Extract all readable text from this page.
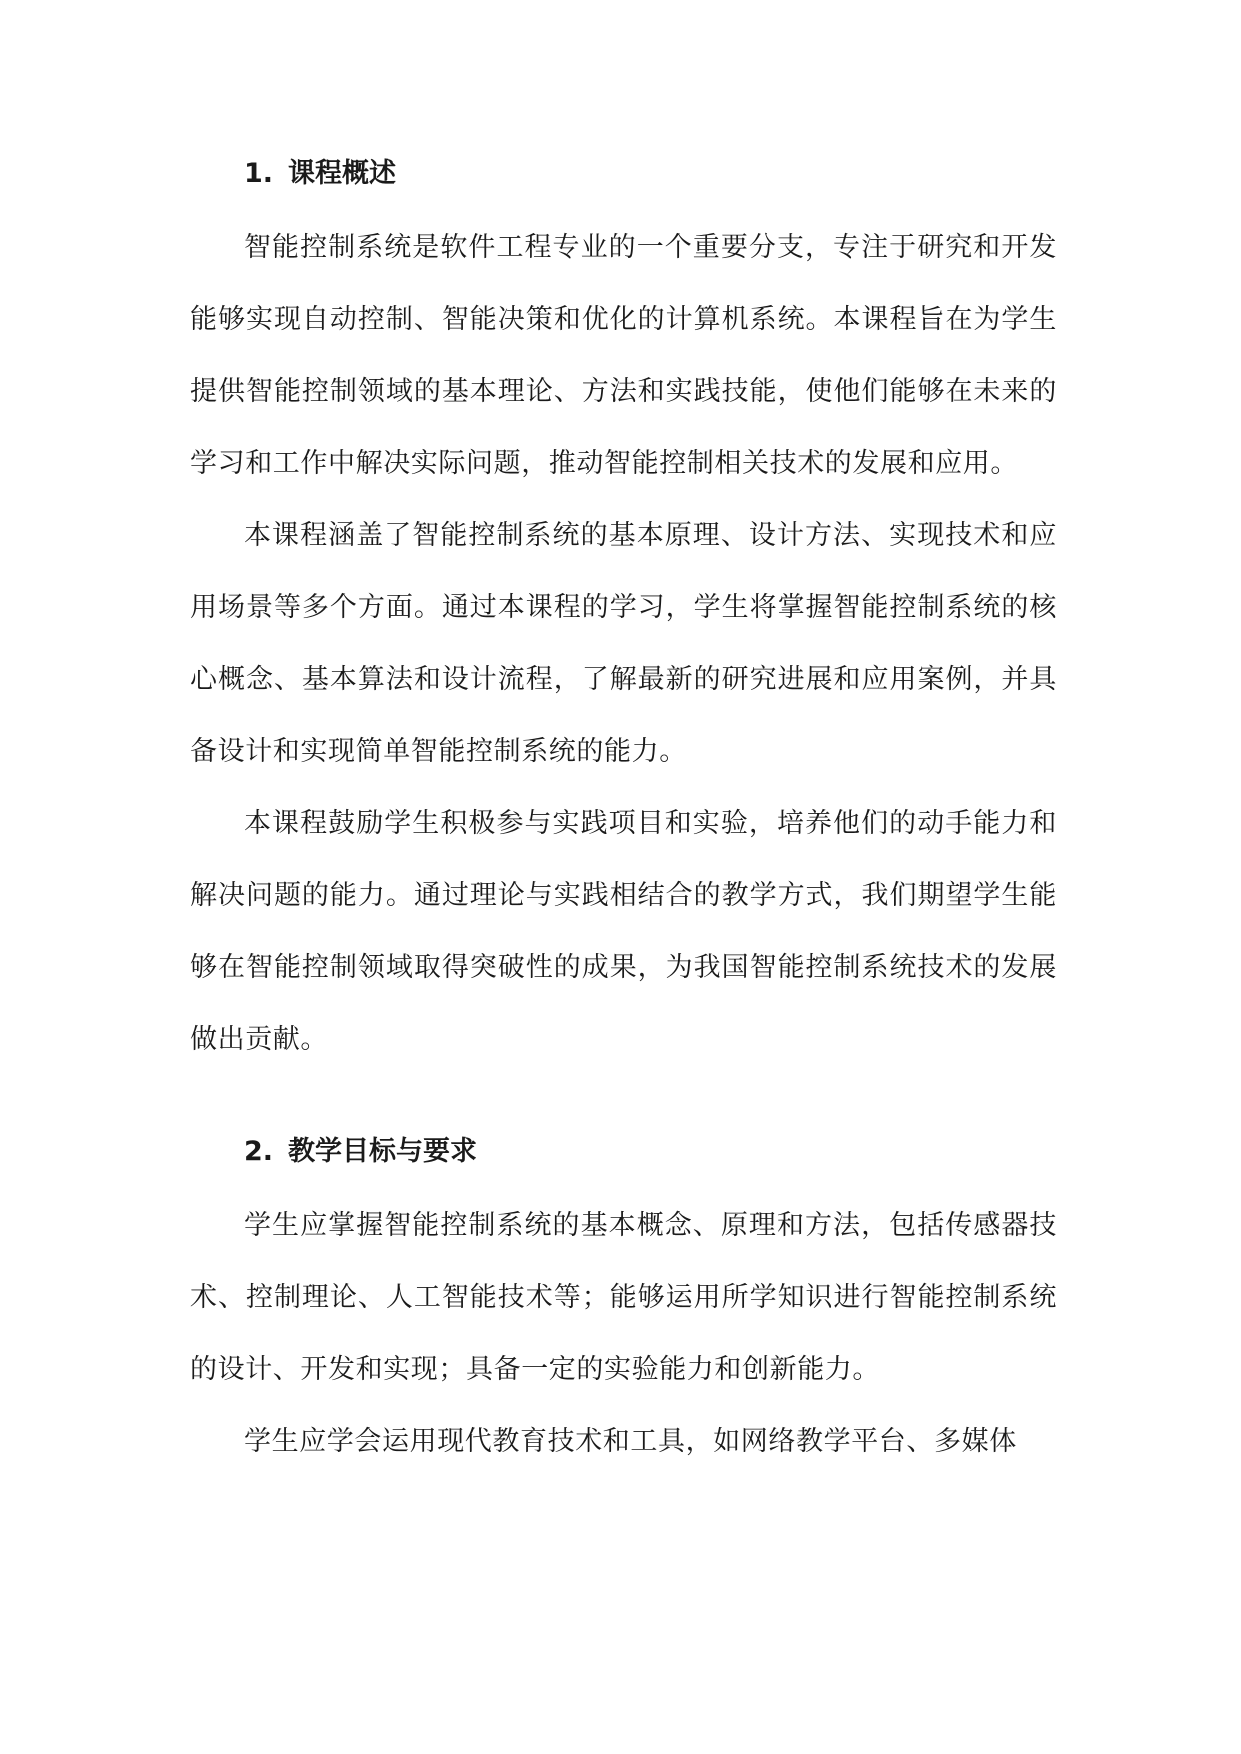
1. 课程概述

智能控制系统是软件工程专业的一个重要分支，专注于研究和开发能够实现自动控制、智能决策和优化的计算机系统。本课程旨在为学生提供智能控制领域的基本理论、方法和实践技能，使他们能够在未来的学习和工作中解决实际问题，推动智能控制相关技术的发展和应用。

本课程涵盖了智能控制系统的基本原理、设计方法、实现技术和应用场景等多个方面。通过本课程的学习，学生将掌握智能控制系统的核心概念、基本算法和设计流程，了解最新的研究进展和应用案例，并具备设计和实现简单智能控制系统的能力。

本课程鼓励学生积极参与实践项目和实验，培养他们的动手能力和解决问题的能力。通过理论与实践相结合的教学方式，我们期望学生能够在智能控制领域取得突破性的成果，为我国智能控制系统技术的发展做出贡献。

2. 教学目标与要求

学生应掌握智能控制系统的基本概念、原理和方法，包括传感器技术、控制理论、人工智能技术等；能够运用所学知识进行智能控制系统的设计、开发和实现；具备一定的实验能力和创新能力。

学生应学会运用现代教育技术和工具，如网络教学平台、多媒体
